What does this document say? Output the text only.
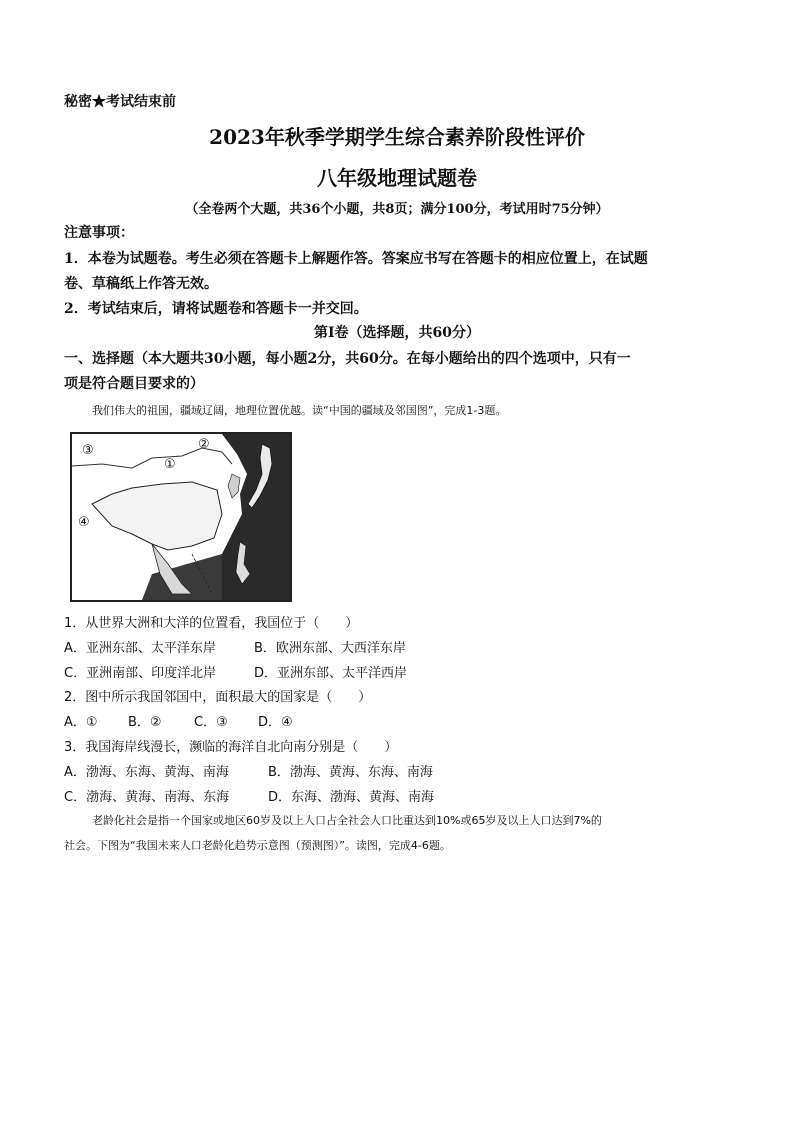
秘密★考试结束前
2023年秋季学期学生综合素养阶段性评价
八年级地理试题卷
（全卷两个大题，共36个小题，共8页；满分100分，考试用时75分钟）
注意事项：
1．本卷为试题卷。考生必须在答题卡上解题作答。答案应书写在答题卡的相应位置上，在试题
卷、草稿纸上作答无效。
2．考试结束后，请将试题卷和答题卡一并交回。
第Ⅰ卷（选择题，共60分）
一、选择题（本大题共30小题，每小题2分，共60分。在每小题给出的四个选项中，只有一
项是符合题目要求的）
我们伟大的祖国，疆域辽阔，地理位置优越。读“中国的疆域及邻国图”，完成1-3题。
③	②
①
④
1．从世界大洲和大洋的位置看，我国位于（　　）
A．亚洲东部、太平洋东岸	B．欧洲东部、大西洋东岸
C．亚洲南部、印度洋北岸	D．亚洲东部、太平洋西岸
2．图中所示我国邻国中，面积最大的国家是（　　）
A．① B．② C．③ D．④
3．我国海岸线漫长，濒临的海洋自北向南分别是（　　）
A．渤海、东海、黄海、南海	B．渤海、黄海、东海、南海
C．渤海、黄海、南海、东海	D．东海、渤海、黄海、南海
老龄化社会是指一个国家或地区60岁及以上人口占全社会人口比重达到10%或65岁及以上人口达到7%的
社会。下图为“我国未来人口老龄化趋势示意图（预测图）”。读图，完成4-6题。
